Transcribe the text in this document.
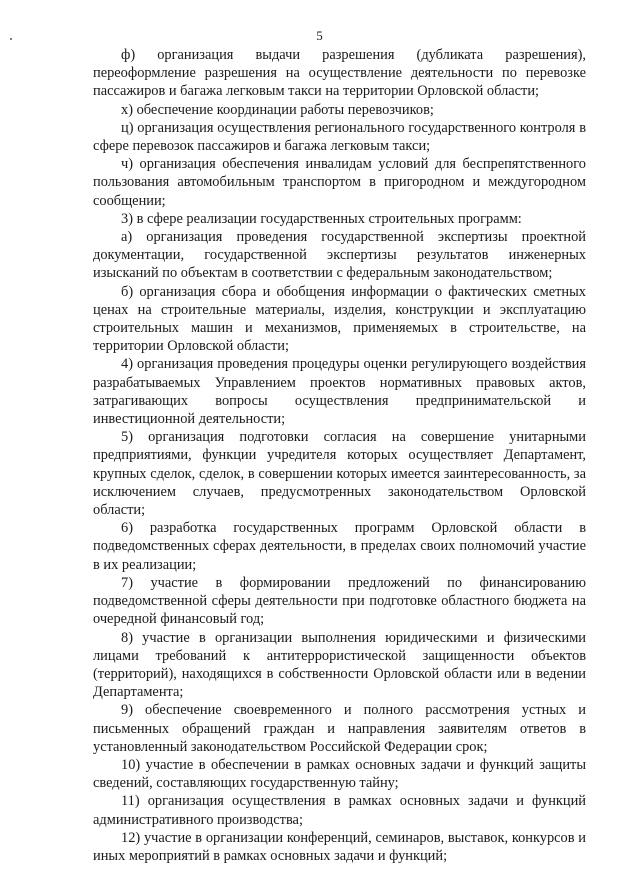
5

ф) организация выдачи разрешения (дубликата разрешения), переоформление разрешения на осуществление деятельности по перевозке пассажиров и багажа легковым такси на территории Орловской области;

х) обеспечение координации работы перевозчиков;

ц) организация осуществления регионального государственного контроля в сфере перевозок пассажиров и багажа легковым такси;

ч) организация обеспечения инвалидам условий для беспрепятственного пользования автомобильным транспортом в пригородном и междугородном сообщении;

3) в сфере реализации государственных строительных программ:

а) организация проведения государственной экспертизы проектной документации, государственной экспертизы результатов инженерных изысканий по объектам в соответствии с федеральным законодательством;

б) организация сбора и обобщения информации о фактических сметных ценах на строительные материалы, изделия, конструкции и эксплуатацию строительных машин и механизмов, применяемых в строительстве, на территории Орловской области;

4) организация проведения процедуры оценки регулирующего воздействия разрабатываемых Управлением проектов нормативных правовых актов, затрагивающих вопросы осуществления предпринимательской и инвестиционной деятельности;

5) организация подготовки согласия на совершение унитарными предприятиями, функции учредителя которых осуществляет Департамент, крупных сделок, сделок, в совершении которых имеется заинтересованность, за исключением случаев, предусмотренных законодательством Орловской области;

6) разработка государственных программ Орловской области в подведомственных сферах деятельности, в пределах своих полномочий участие в их реализации;

7) участие в формировании предложений по финансированию подведомственной сферы деятельности при подготовке областного бюджета на очередной финансовый год;

8) участие в организации выполнения юридическими и физическими лицами требований к антитеррористической защищенности объектов (территорий), находящихся в собственности Орловской области или в ведении Департамента;

9) обеспечение своевременного и полного рассмотрения устных и письменных обращений граждан и направления заявителям ответов в установленный законодательством Российской Федерации срок;

10) участие в обеспечении в рамках основных задачи и функций защиты сведений, составляющих государственную тайну;

11) организация осуществления в рамках основных задачи и функций административного производства;

12) участие в организации конференций, семинаров, выставок, конкурсов и иных мероприятий в рамках основных задачи и функций;
